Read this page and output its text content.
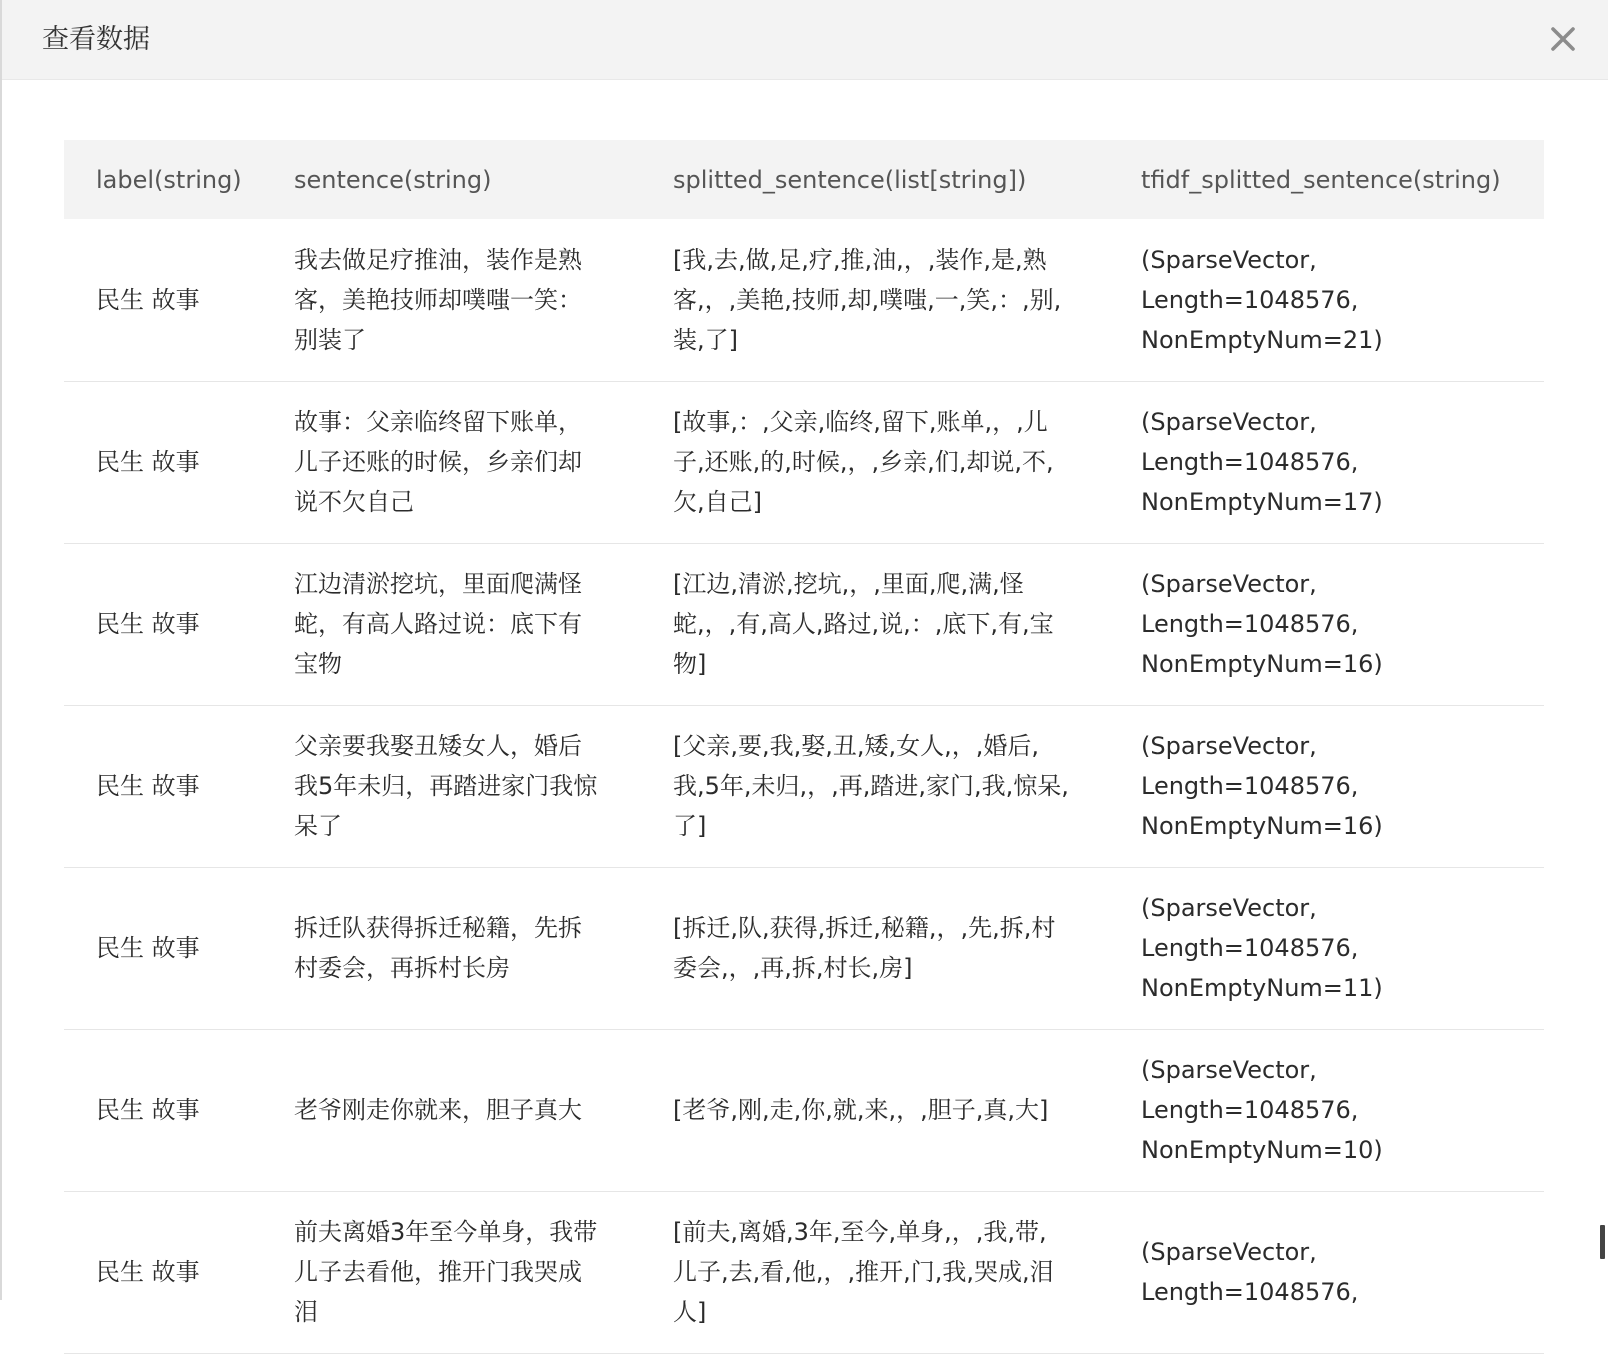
查看数据
label(string)	sentence(string)	splitted_sentence(list[string])	tfidf_splitted_sentence(string)
民生 故事	我去做足疗推油，装作是熟客，美艳技师却噗嗤一笑：别装了	[我,去,做,足,疗,推,油,，,装作,是,熟客,，,美艳,技师,却,噗嗤,一,笑,：,别,装,了]	(SparseVector,
Length=1048576,
NonEmptyNum=21)
民生 故事	故事：父亲临终留下账单，儿子还账的时候，乡亲们却说不欠自己	[故事,：,父亲,临终,留下,账单,，,儿子,还账,的,时候,，,乡亲,们,却说,不,欠,自己]	(SparseVector,
Length=1048576,
NonEmptyNum=17)
民生 故事	江边清淤挖坑，里面爬满怪蛇，有高人路过说：底下有宝物	[江边,清淤,挖坑,，,里面,爬,满,怪蛇,，,有,高人,路过,说,：,底下,有,宝物]	(SparseVector,
Length=1048576,
NonEmptyNum=16)
民生 故事	父亲要我娶丑矮女人，婚后我5年未归，再踏进家门我惊呆了	[父亲,要,我,娶,丑,矮,女人,，,婚后,我,5年,未归,，,再,踏进,家门,我,惊呆,了]	(SparseVector,
Length=1048576,
NonEmptyNum=16)
民生 故事	拆迁队获得拆迁秘籍，先拆村委会，再拆村长房	[拆迁,队,获得,拆迁,秘籍,，,先,拆,村委会,，,再,拆,村长,房]	(SparseVector,
Length=1048576,
NonEmptyNum=11)
民生 故事	老爷刚走你就来，胆子真大	[老爷,刚,走,你,就,来,，,胆子,真,大]	(SparseVector,
Length=1048576,
NonEmptyNum=10)
民生 故事	前夫离婚3年至今单身，我带儿子去看他，推开门我哭成泪	[前夫,离婚,3年,至今,单身,，,我,带,儿子,去,看,他,，,推开,门,我,哭成,泪人]	(SparseVector,
Length=1048576,
